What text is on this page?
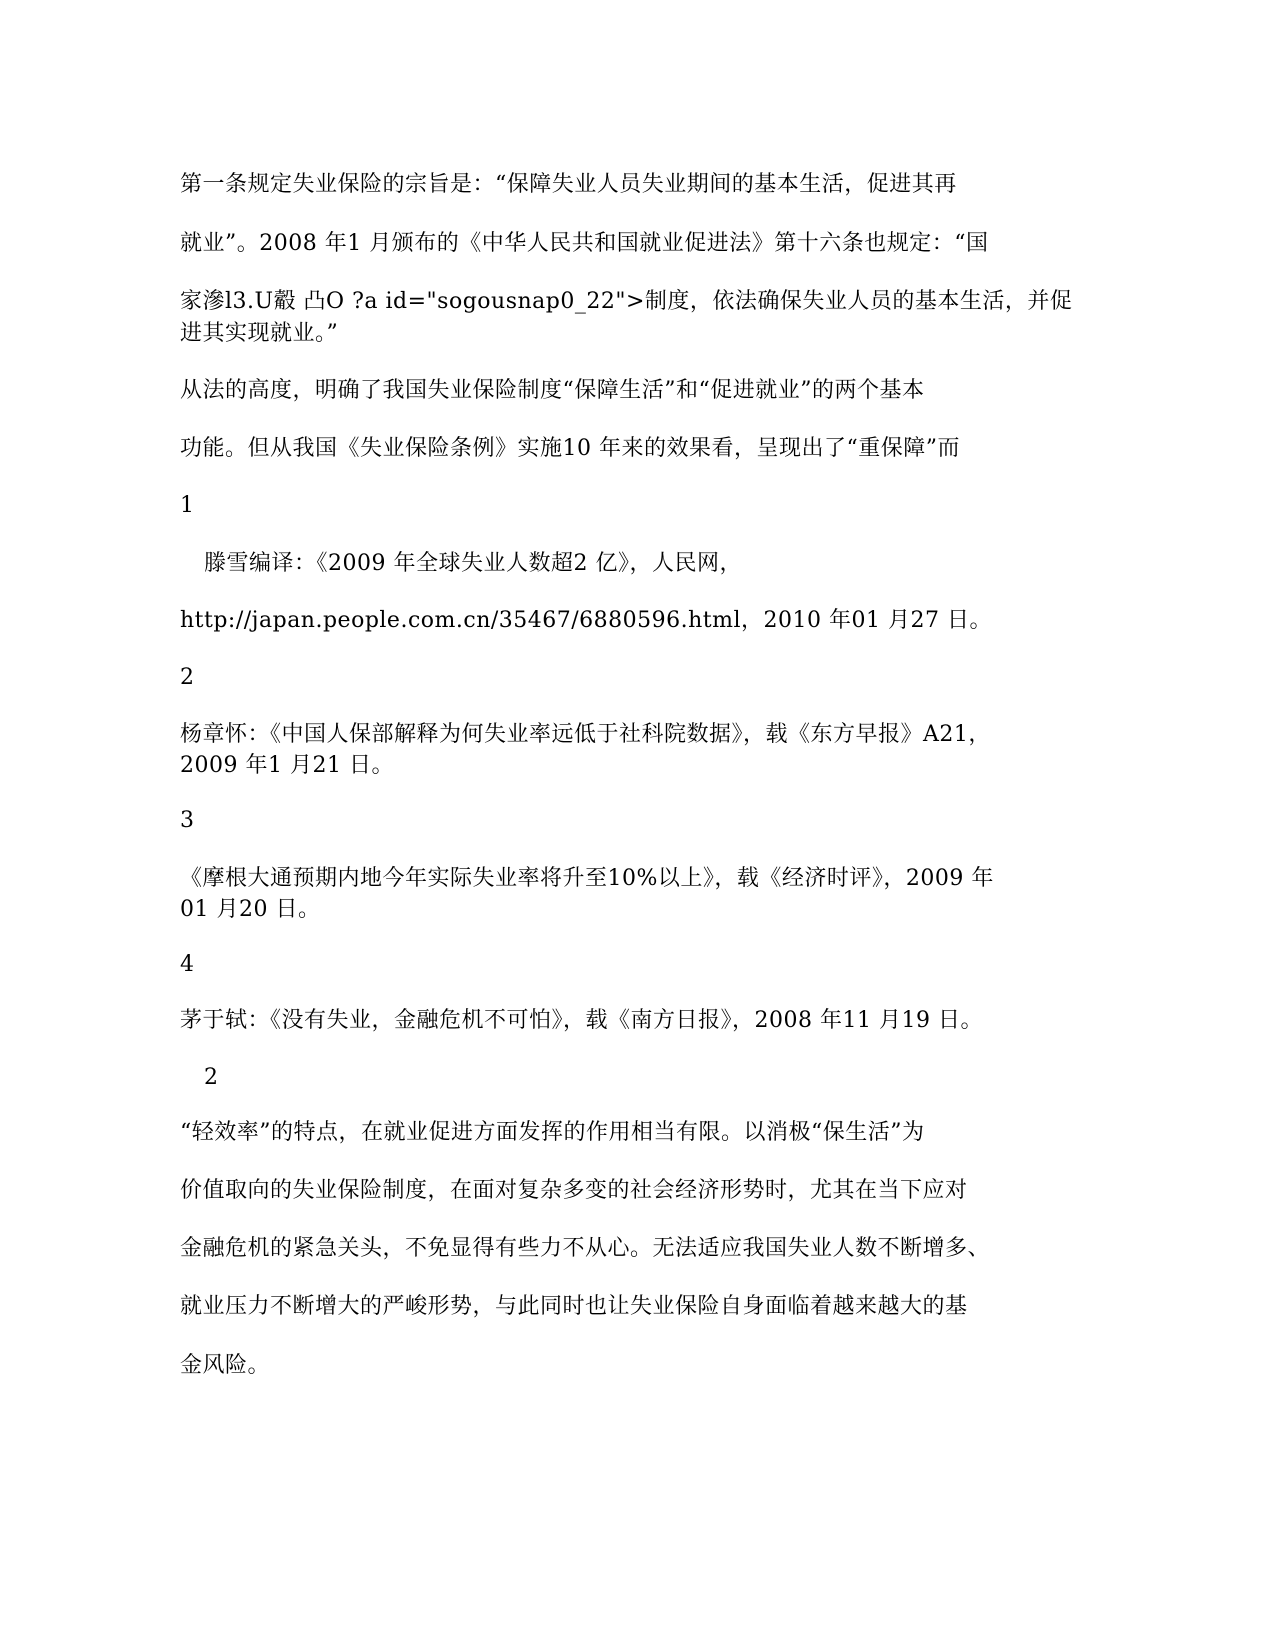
第一条规定失业保险的宗旨是：“保障失业人员失业期间的基本生活，促进其再
就业”。2008 年1 月颁布的《中华人民共和国就业促进法》第十六条也规定：“国
家滲l3.U觳 凸O ?a id="sogousnap0_22">制度，依法确保失业人员的基本生活，并促
进其实现就业。”
从法的高度，明确了我国失业保险制度“保障生活”和“促进就业”的两个基本
功能。但从我国《失业保险条例》实施10 年来的效果看，呈现出了“重保障”而
1
滕雪编译：《2009 年全球失业人数超2 亿》，人民网，
http://japan.people.com.cn/35467/6880596.html，2010 年01 月27 日。
2
杨章怀：《中国人保部解释为何失业率远低于社科院数据》，载《东方早报》A21，
2009 年1 月21 日。
3
《摩根大通预期内地今年实际失业率将升至10%以上》，载《经济时评》，2009 年
01 月20 日。
4
茅于轼：《没有失业，金融危机不可怕》，载《南方日报》，2008 年11 月19 日。
2
“轻效率”的特点，在就业促进方面发挥的作用相当有限。以消极“保生活”为
价值取向的失业保险制度，在面对复杂多变的社会经济形势时，尤其在当下应对
金融危机的紧急关头，不免显得有些力不从心。无法适应我国失业人数不断增多、
就业压力不断增大的严峻形势，与此同时也让失业保险自身面临着越来越大的基
金风险。
